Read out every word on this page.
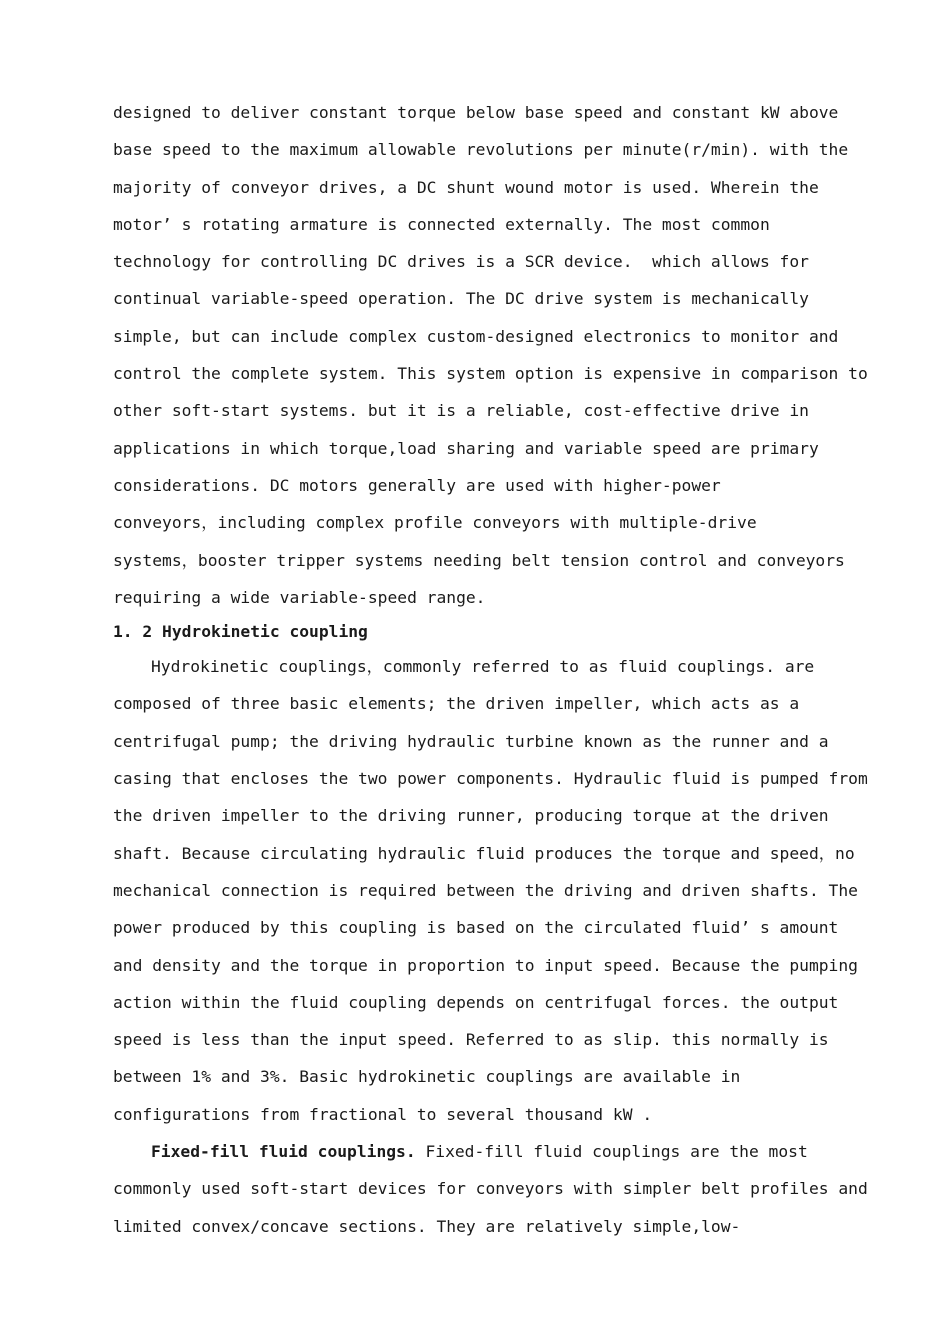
designed to deliver constant torque below base speed and constant kW above
base speed to the maximum allowable revolutions per minute(r/min). with the
majority of conveyor drives, a DC shunt wound motor is used. Wherein the
motor’ s rotating armature is connected externally. The most common
technology for controlling DC drives is a SCR device.  which allows for
continual variable-speed operation. The DC drive system is mechanically
simple, but can include complex custom-designed electronics to monitor and
control the complete system. This system option is expensive in comparison to
other soft-start systems. but it is a reliable, cost-effective drive in
applications in which torque,load sharing and variable speed are primary
considerations. DC motors generally are used with higher-power
conveyors，including complex profile conveyors with multiple-drive
systems，booster tripper systems needing belt tension control and conveyors
requiring a wide variable-speed range.
1. 2 Hydrokinetic coupling
Hydrokinetic couplings，commonly referred to as fluid couplings. are
composed of three basic elements; the driven impeller, which acts as a
centrifugal pump; the driving hydraulic turbine known as the runner and a
casing that encloses the two power components. Hydraulic fluid is pumped from
the driven impeller to the driving runner, producing torque at the driven
shaft. Because circulating hydraulic fluid produces the torque and speed，no
mechanical connection is required between the driving and driven shafts. The
power produced by this coupling is based on the circulated fluid’ s amount
and density and the torque in proportion to input speed. Because the pumping
action within the fluid coupling depends on centrifugal forces. the output
speed is less than the input speed. Referred to as slip. this normally is
between 1% and 3%. Basic hydrokinetic couplings are available in
configurations from fractional to several thousand kW .
Fixed-fill fluid couplings. Fixed-fill fluid couplings are the most
commonly used soft-start devices for conveyors with simpler belt profiles and
limited convex/concave sections. They are relatively simple,low-
